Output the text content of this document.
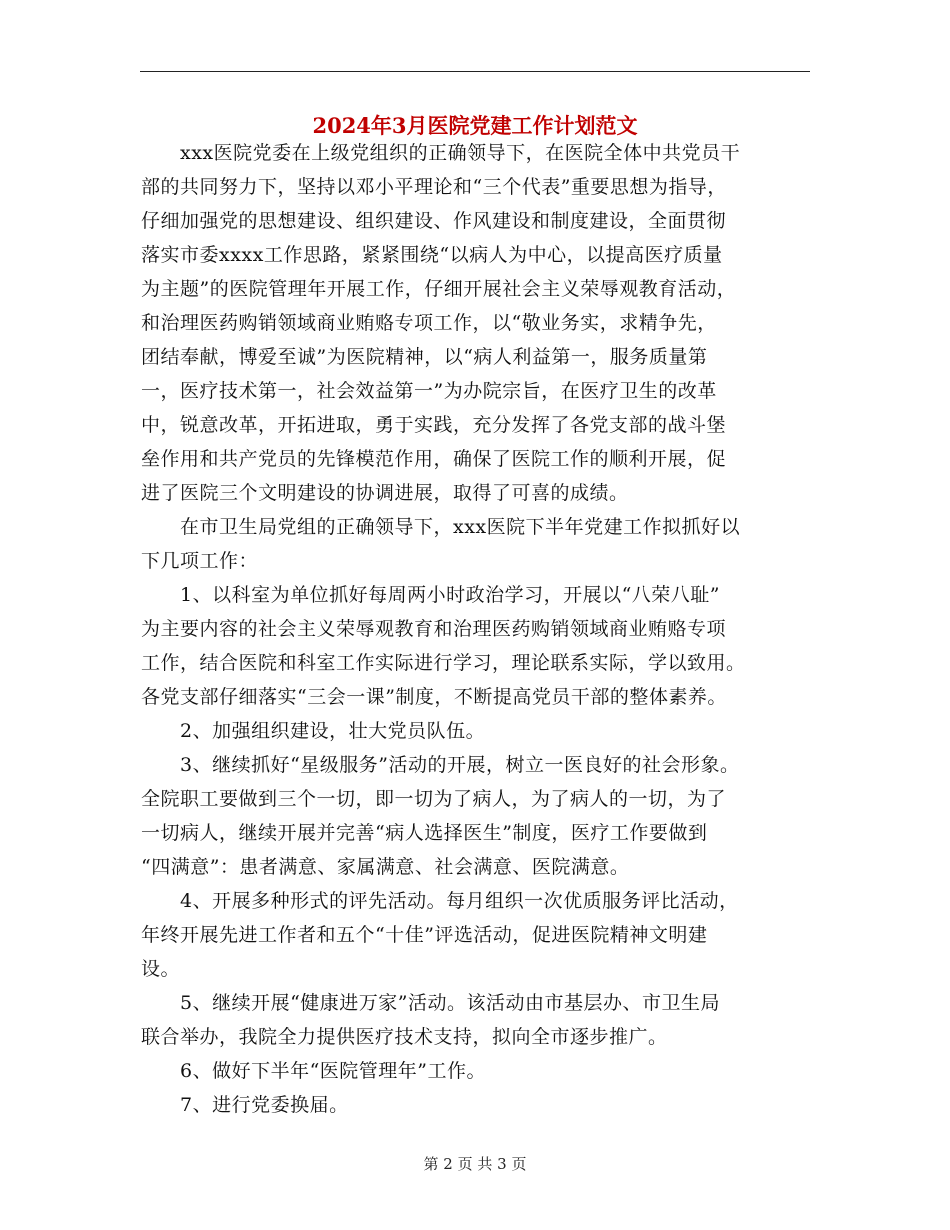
2024年3月医院党建工作计划范文
　　xxx医院党委在上级党组织的正确领导下，在医院全体中共党员干
部的共同努力下，坚持以邓小平理论和“三个代表”重要思想为指导，
仔细加强党的思想建设、组织建设、作风建设和制度建设，全面贯彻
落实市委xxxx工作思路，紧紧围绕“以病人为中心，以提高医疗质量
为主题”的医院管理年开展工作，仔细开展社会主义荣辱观教育活动，
和治理医药购销领域商业贿赂专项工作，以“敬业务实，求精争先，
团结奉献，博爱至诚”为医院精神，以“病人利益第一，服务质量第
一，医疗技术第一，社会效益第一”为办院宗旨，在医疗卫生的改革
中，锐意改革，开拓进取，勇于实践，充分发挥了各党支部的战斗堡
垒作用和共产党员的先锋模范作用，确保了医院工作的顺利开展，促
进了医院三个文明建设的协调进展，取得了可喜的成绩。
　　在市卫生局党组的正确领导下，xxx医院下半年党建工作拟抓好以
下几项工作：
　　1、以科室为单位抓好每周两小时政治学习，开展以“八荣八耻”
为主要内容的社会主义荣辱观教育和治理医药购销领域商业贿赂专项
工作，结合医院和科室工作实际进行学习，理论联系实际，学以致用。
各党支部仔细落实“三会一课”制度，不断提高党员干部的整体素养。
　　2、加强组织建设，壮大党员队伍。
　　3、继续抓好“星级服务”活动的开展，树立一医良好的社会形象。
全院职工要做到三个一切，即一切为了病人，为了病人的一切，为了
一切病人，继续开展并完善“病人选择医生”制度，医疗工作要做到
“四满意”：患者满意、家属满意、社会满意、医院满意。
　　4、开展多种形式的评先活动。每月组织一次优质服务评比活动，
年终开展先进工作者和五个“十佳”评选活动，促进医院精神文明建
设。
　　5、继续开展“健康进万家”活动。该活动由市基层办、市卫生局
联合举办，我院全力提供医疗技术支持，拟向全市逐步推广。
　　6、做好下半年“医院管理年”工作。
　　7、进行党委换届。
第 2 页 共 3 页
